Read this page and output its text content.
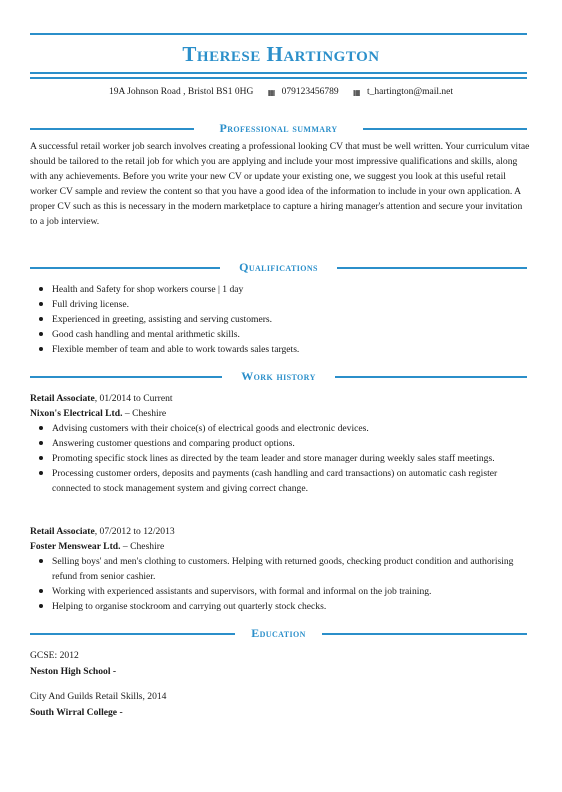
Therese Hartington
19A Johnson Road , Bristol BS1 0HG ▦ 079123456789 ▦ t_hartington@mail.net
Professional summary
A successful retail worker job search involves creating a professional looking CV that must be well written. Your curriculum vitae should be tailored to the retail job for which you are applying and include your most impressive qualifications and skills, along with any achievements. Before you write your new CV or update your existing one, we suggest you look at this useful retail worker CV sample and review the content so that you have a good idea of the information to include in your own application. A proper CV such as this is necessary in the modern marketplace to capture a hiring manager's attention and secure your invitation to a job interview.
Qualifications
Health and Safety for shop workers course | 1 day
Full driving license.
Experienced in greeting, assisting and serving customers.
Good cash handling and mental arithmetic skills.
Flexible member of team and able to work towards sales targets.
Work history
Retail Associate, 01/2014 to Current
Nixon's Electrical Ltd. – Cheshire
Advising customers with their choice(s) of electrical goods and electronic devices.
Answering customer questions and comparing product options.
Promoting specific stock lines as directed by the team leader and store manager during weekly sales staff meetings.
Processing customer orders, deposits and payments (cash handling and card transactions) on automatic cash register connected to stock management system and giving correct change.
Retail Associate, 07/2012 to 12/2013
Foster Menswear Ltd. – Cheshire
Selling boys' and men's clothing to customers. Helping with returned goods, checking product condition and authorising refund from senior cashier.
Working with experienced assistants and supervisors, with formal and informal on the job training.
Helping to organise stockroom and carrying out quarterly stock checks.
Education
GCSE: 2012
Neston High School -
City And Guilds Retail Skills, 2014
South Wirral College -
